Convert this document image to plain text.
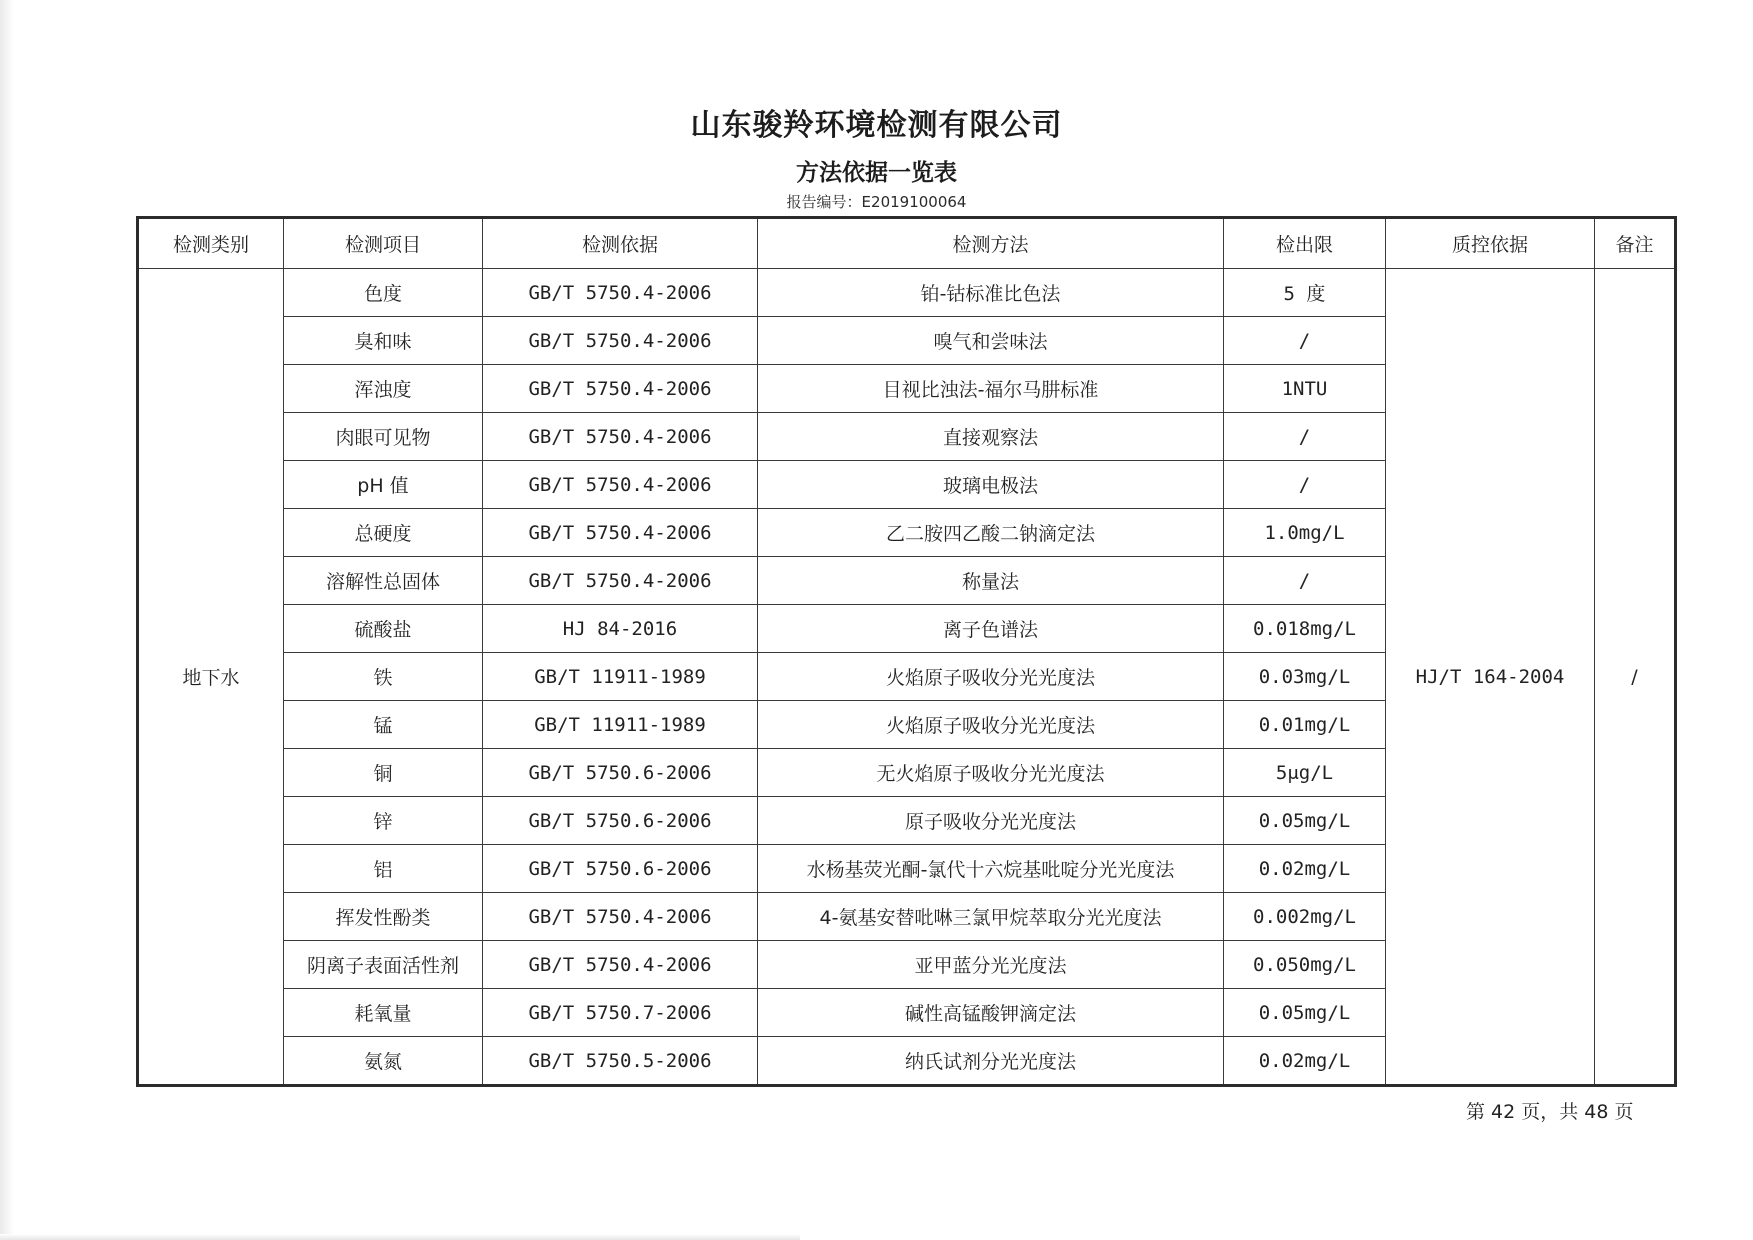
山东骏羚环境检测有限公司
方法依据一览表
报告编号：E2019100064
检测类别	检测项目	检测依据	检测方法	检出限	质控依据	备注
地下水	色度	GB/T 5750.4-2006	铂-钴标准比色法	5 度	HJ/T 164-2004	/
	臭和味	GB/T 5750.4-2006	嗅气和尝味法	/		
	浑浊度	GB/T 5750.4-2006	目视比浊法-福尔马肼标准	1NTU		
	肉眼可见物	GB/T 5750.4-2006	直接观察法	/		
	pH 值	GB/T 5750.4-2006	玻璃电极法	/		
	总硬度	GB/T 5750.4-2006	乙二胺四乙酸二钠滴定法	1.0mg/L		
	溶解性总固体	GB/T 5750.4-2006	称量法	/		
	硫酸盐	HJ 84-2016	离子色谱法	0.018mg/L		
	铁	GB/T 11911-1989	火焰原子吸收分光光度法	0.03mg/L		
	锰	GB/T 11911-1989	火焰原子吸收分光光度法	0.01mg/L		
	铜	GB/T 5750.6-2006	无火焰原子吸收分光光度法	5μg/L		
	锌	GB/T 5750.6-2006	原子吸收分光光度法	0.05mg/L		
	铝	GB/T 5750.6-2006	水杨基荧光酮-氯代十六烷基吡啶分光光度法	0.02mg/L		
	挥发性酚类	GB/T 5750.4-2006	4-氨基安替吡啉三氯甲烷萃取分光光度法	0.002mg/L		
	阴离子表面活性剂	GB/T 5750.4-2006	亚甲蓝分光光度法	0.050mg/L		
	耗氧量	GB/T 5750.7-2006	碱性高锰酸钾滴定法	0.05mg/L		
	氨氮	GB/T 5750.5-2006	纳氏试剂分光光度法	0.02mg/L		
第 42 页，共 48 页
